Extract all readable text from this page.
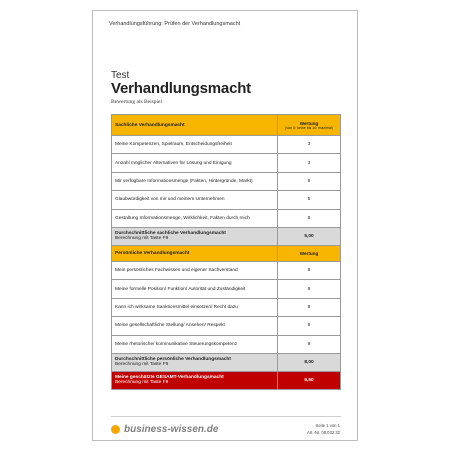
Verhandlungsführung: Prüfen der Verhandlungsmacht
Test
Verhandlungsmacht
Bewertung als Beispiel
Sachliche Verhandlungsmacht	Wertung
(von 0: keine bis 10: maximal)

Meine Kompetenzen, Spielraum, Entscheidungsfreiheit	3
Anzahl möglicher Alternativen für Lösung und Einigung	3
Mir verfügbare Informationsmenge (Fakten, Hintergründe, Markt)	6
Glaubwürdigkeit von mir und meinem Unternehmen	5
Gestaltung Informationsmenge, Wirklichkeit, Fakten durch mich	8

Durchschnittliche sachliche Verhandlungsmacht
Berechnung mit Taste F9	5,00
Persönliche Verhandlungsmacht	Wertung
Mein persönliches Fachwissen und eigener Sachverstand	8
Meine formelle Position/ Funktion/ Autorität und Zuständigkeit	9
Kann ich wirksame Sanktionsmittel einsetzen/ Recht dazu	8
Meine gesellschaftliche Stellung/ Ansehen/ Respekt	6
Meine rhetorische/ kommunikative Steuerungskompetenz	9

Durchschnittliche persönliche Verhandlungsmacht
Berechnung mit Taste F9	8,00

Meine geschätzte GESAMT-Verhandlungsmacht
Berechnung mit Taste F9	6,50
business-wissen.de	Seite 1 von 1
Art.-Nr. 06.032.32
